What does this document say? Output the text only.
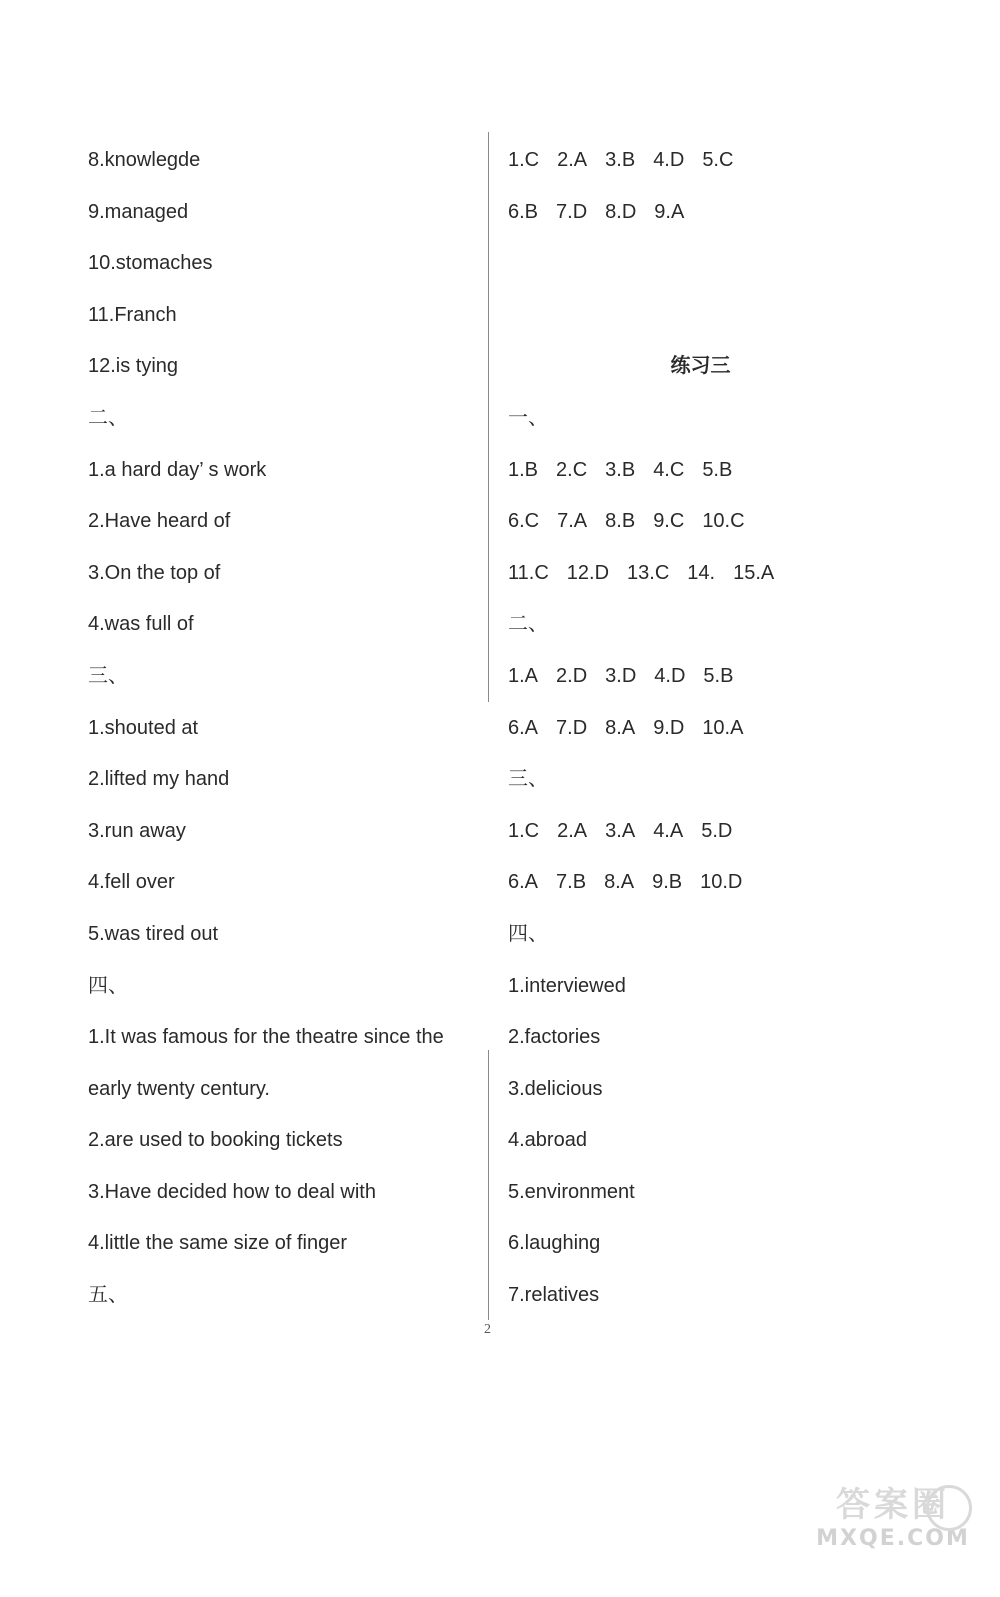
8.knowlegde
9.managed
10.stomaches
11.Franch
12.is tying
二、
1.a hard day’ s work
2.Have heard of
3.On the top of
4.was full of
三、
1.shouted at
2.lifted my hand
3.run away
4.fell over
5.was tired out
四、
1.It was famous for the theatre since the
early twenty century.
2.are used to booking tickets
3.Have decided how to deal with
4.little the same size of finger
五、
1.C 2.A 3.B 4.D 5.C
6.B 7.D 8.D 9.A
练习三
一、
1.B 2.C 3.B 4.C 5.B
6.C 7.A 8.B 9.C 10.C
11.C 12.D 13.C 14. 15.A
二、
1.A 2.D 3.D 4.D 5.B
6.A 7.D 8.A 9.D 10.A
三、
1.C 2.A 3.A 4.A 5.D
6.A 7.B 8.A 9.B 10.D
四、
1.interviewed
2.factories
3.delicious
4.abroad
5.environment
6.laughing
7.relatives
2
答案圈
MXQE.COM
